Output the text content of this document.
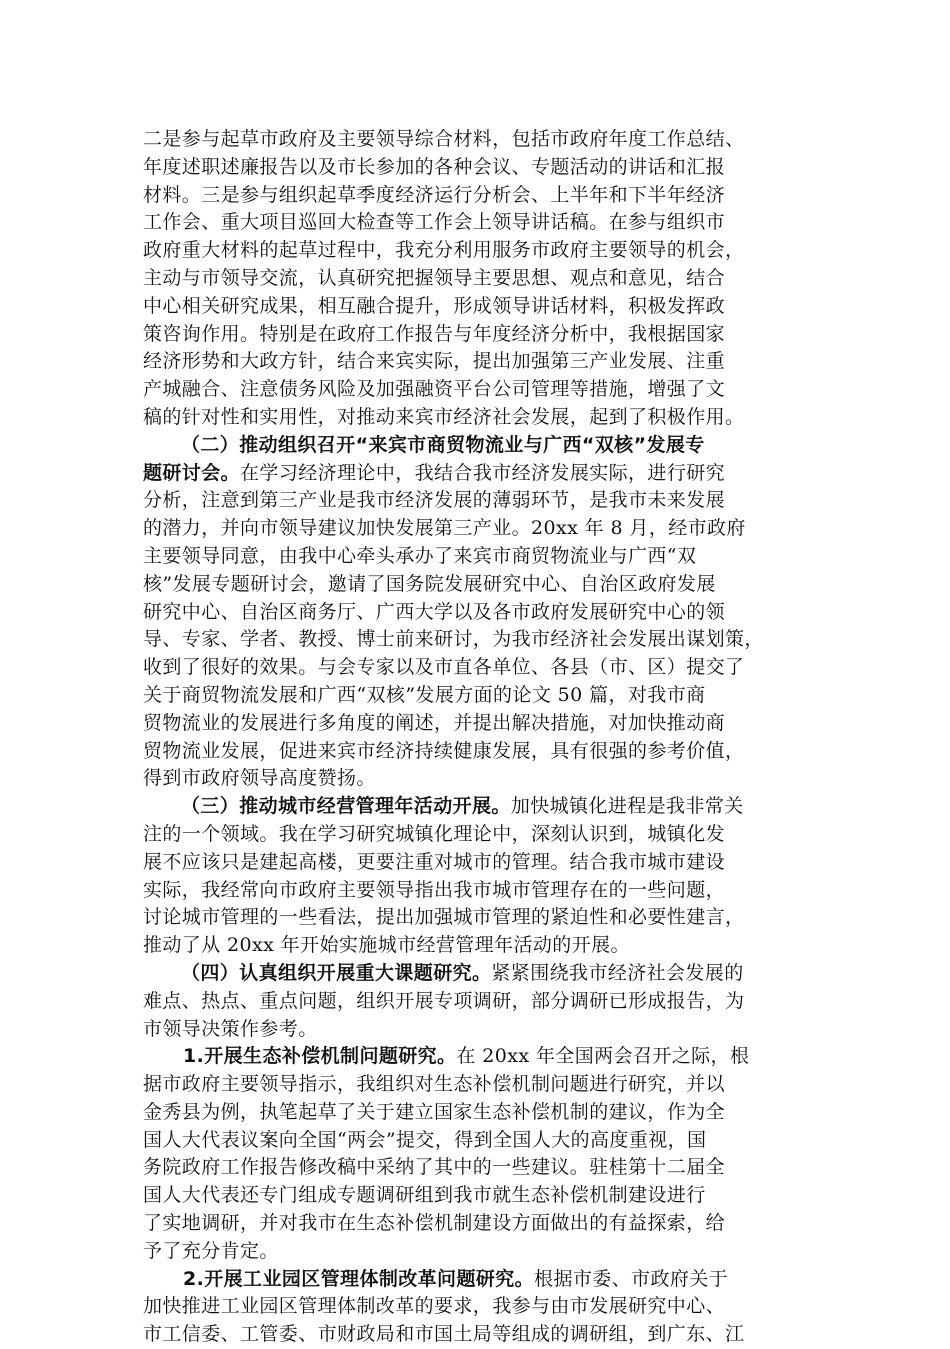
二是参与起草市政府及主要领导综合材料，包括市政府年度工作总结、
年度述职述廉报告以及市长参加的各种会议、专题活动的讲话和汇报
材料。三是参与组织起草季度经济运行分析会、上半年和下半年经济
工作会、重大项目巡回大检查等工作会上领导讲话稿。在参与组织市
政府重大材料的起草过程中，我充分利用服务市政府主要领导的机会，
主动与市领导交流，认真研究把握领导主要思想、观点和意见，结合
中心相关研究成果，相互融合提升，形成领导讲话材料，积极发挥政
策咨询作用。特别是在政府工作报告与年度经济分析中，我根据国家
经济形势和大政方针，结合来宾实际，提出加强第三产业发展、注重
产城融合、注意债务风险及加强融资平台公司管理等措施，增强了文
稿的针对性和实用性，对推动来宾市经济社会发展，起到了积极作用。
（二）推动组织召开“来宾市商贸物流业与广西“双核”发展专
题研讨会。在学习经济理论中，我结合我市经济发展实际，进行研究
分析，注意到第三产业是我市经济发展的薄弱环节，是我市未来发展
的潜力，并向市领导建议加快发展第三产业。20xx 年 8 月，经市政府
主要领导同意，由我中心牵头承办了来宾市商贸物流业与广西“双
核”发展专题研讨会，邀请了国务院发展研究中心、自治区政府发展
研究中心、自治区商务厅、广西大学以及各市政府发展研究中心的领
导、专家、学者、教授、博士前来研讨，为我市经济社会发展出谋划策，
收到了很好的效果。与会专家以及市直各单位、各县（市、区）提交了
关于商贸物流发展和广西“双核”发展方面的论文 50 篇，对我市商
贸物流业的发展进行多角度的阐述，并提出解决措施，对加快推动商
贸物流业发展，促进来宾市经济持续健康发展，具有很强的参考价值，
得到市政府领导高度赞扬。
（三）推动城市经营管理年活动开展。加快城镇化进程是我非常关
注的一个领域。我在学习研究城镇化理论中，深刻认识到，城镇化发
展不应该只是建起高楼，更要注重对城市的管理。结合我市城市建设
实际，我经常向市政府主要领导指出我市城市管理存在的一些问题，
讨论城市管理的一些看法，提出加强城市管理的紧迫性和必要性建言，
推动了从 20xx 年开始实施城市经营管理年活动的开展。
（四）认真组织开展重大课题研究。紧紧围绕我市经济社会发展的
难点、热点、重点问题，组织开展专项调研，部分调研已形成报告，为
市领导决策作参考。
1.开展生态补偿机制问题研究。在 20xx 年全国两会召开之际，根
据市政府主要领导指示，我组织对生态补偿机制问题进行研究，并以
金秀县为例，执笔起草了关于建立国家生态补偿机制的建议，作为全
国人大代表议案向全国“两会”提交，得到全国人大的高度重视，国
务院政府工作报告修改稿中采纳了其中的一些建议。驻桂第十二届全
国人大代表还专门组成专题调研组到我市就生态补偿机制建设进行
了实地调研，并对我市在生态补偿机制建设方面做出的有益探索，给
予了充分肯定。
2.开展工业园区管理体制改革问题研究。根据市委、市政府关于
加快推进工业园区管理体制改革的要求，我参与由市发展研究中心、
市工信委、工管委、市财政局和市国土局等组成的调研组，到广东、江
